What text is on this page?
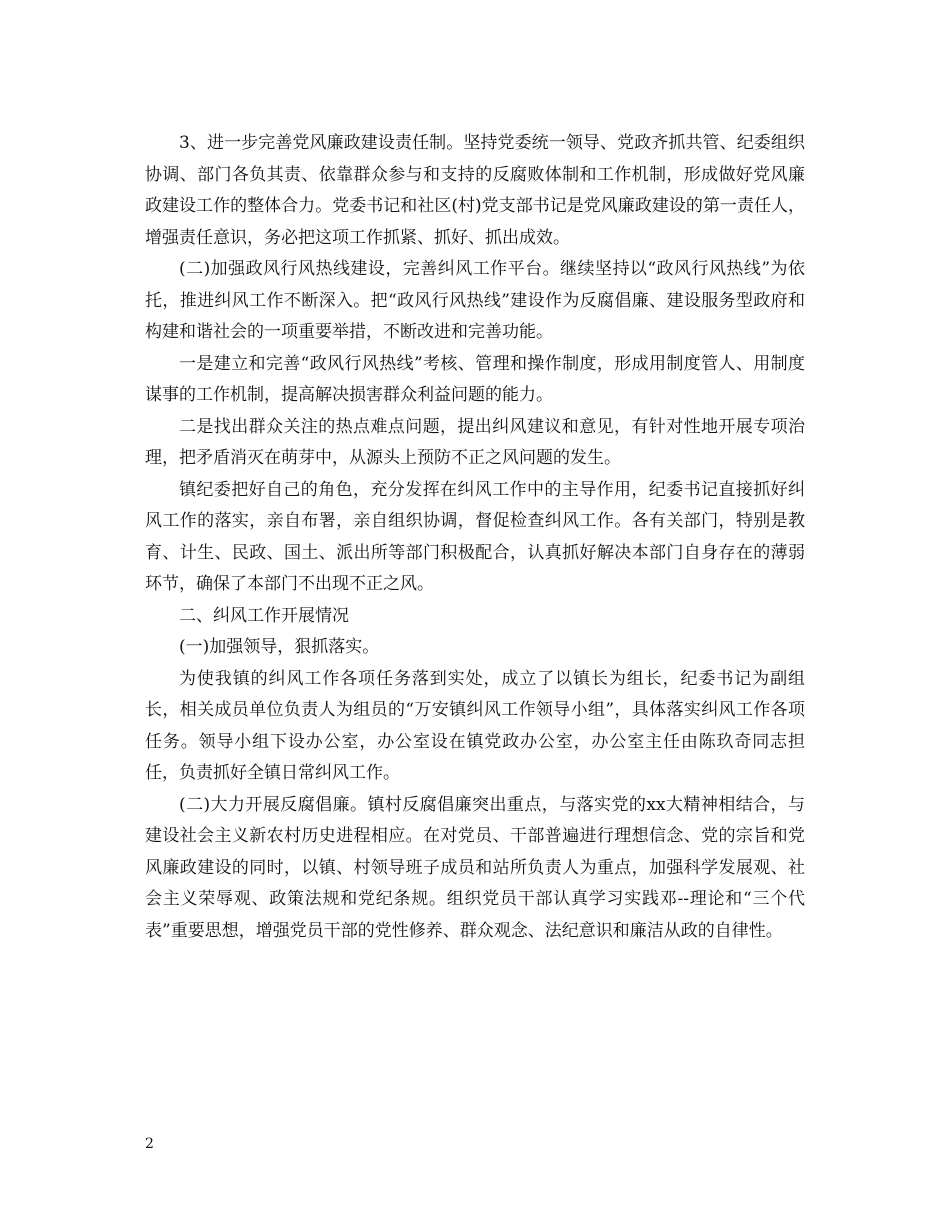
3、进一步完善党风廉政建设责任制。坚持党委统一领导、党政齐抓共管、纪委组织协调、部门各负其责、依靠群众参与和支持的反腐败体制和工作机制，形成做好党风廉政建设工作的整体合力。党委书记和社区(村)党支部书记是党风廉政建设的第一责任人，增强责任意识，务必把这项工作抓紧、抓好、抓出成效。

(二)加强政风行风热线建设，完善纠风工作平台。继续坚持以“政风行风热线”为依托，推进纠风工作不断深入。把“政风行风热线”建设作为反腐倡廉、建设服务型政府和构建和谐社会的一项重要举措，不断改进和完善功能。

一是建立和完善“政风行风热线”考核、管理和操作制度，形成用制度管人、用制度谋事的工作机制，提高解决损害群众利益问题的能力。

二是找出群众关注的热点难点问题，提出纠风建议和意见，有针对性地开展专项治理，把矛盾消灭在萌芽中，从源头上预防不正之风问题的发生。

镇纪委把好自己的角色，充分发挥在纠风工作中的主导作用，纪委书记直接抓好纠风工作的落实，亲自布署，亲自组织协调，督促检查纠风工作。各有关部门，特别是教育、计生、民政、国土、派出所等部门积极配合，认真抓好解决本部门自身存在的薄弱环节，确保了本部门不出现不正之风。

二、纠风工作开展情况

(一)加强领导，狠抓落实。

为使我镇的纠风工作各项任务落到实处，成立了以镇长为组长，纪委书记为副组长，相关成员单位负责人为组员的“万安镇纠风工作领导小组”，具体落实纠风工作各项任务。领导小组下设办公室，办公室设在镇党政办公室，办公室主任由陈玖奇同志担任，负责抓好全镇日常纠风工作。

(二)大力开展反腐倡廉。镇村反腐倡廉突出重点，与落实党的xx大精神相结合，与建设社会主义新农村历史进程相应。在对党员、干部普遍进行理想信念、党的宗旨和党风廉政建设的同时，以镇、村领导班子成员和站所负责人为重点，加强科学发展观、社会主义荣辱观、政策法规和党纪条规。组织党员干部认真学习实践邓--理论和“三个代表”重要思想，增强党员干部的党性修养、群众观念、法纪意识和廉洁从政的自律性。

2
